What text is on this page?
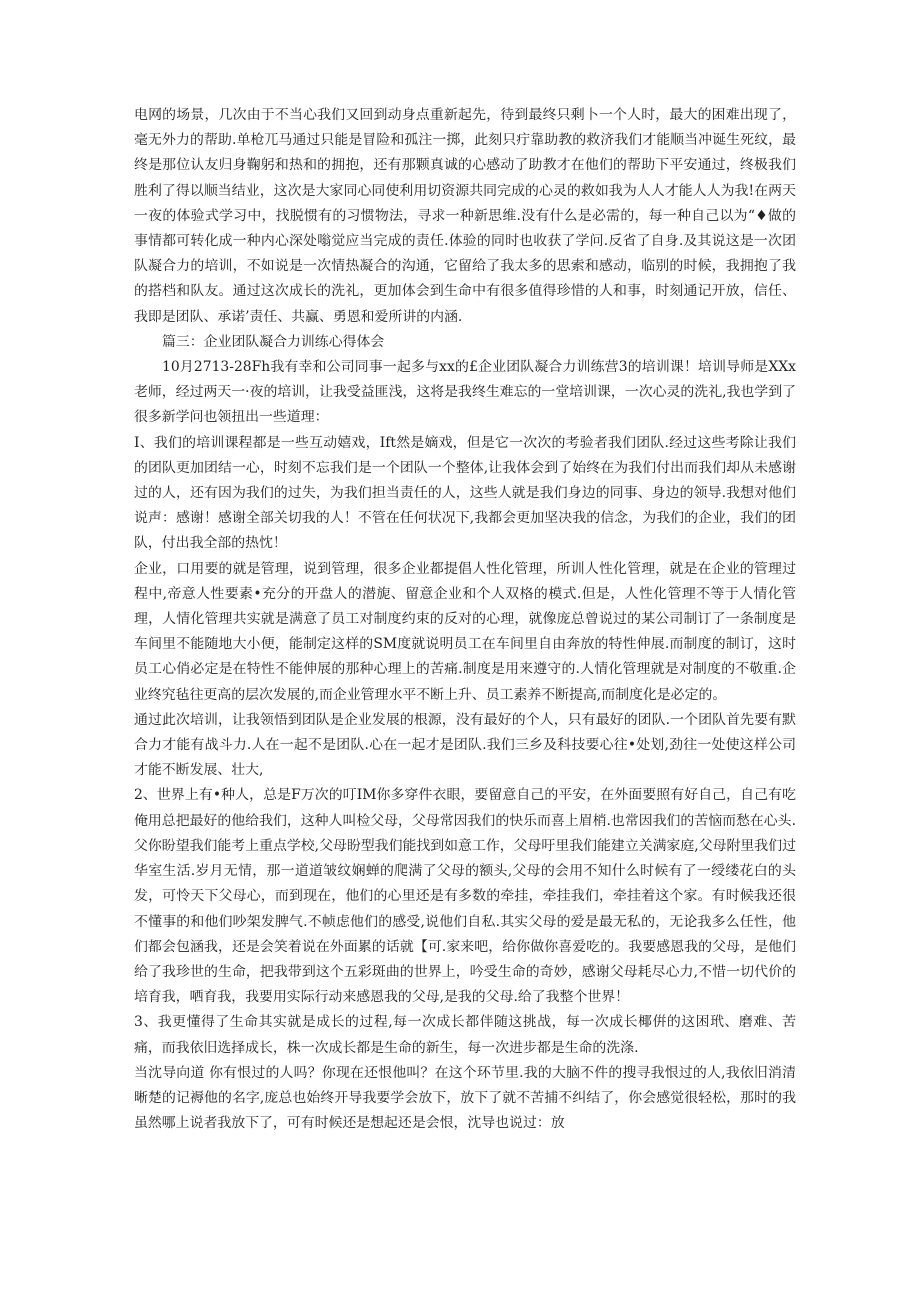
电网的场景，几次由于不当心我们又回到动身点重新起先，待到最终只剩卜一个人时，最大的困难出现了，毫无外力的帮助.单枪兀马通过只能是冒险和孤注一掷，此刻只疔靠助教的救济我们才能顺当冲诞生死纹，最终是那位认友归身鞠躬和热和的拥抱，还有那颗真诚的心感动了助教才在他们的帮助下平安通过，终极我们胜利了得以顺当结业，这次是大家同心同使利用切资源共同完成的心灵的救如我为人人才能人人为我!在两天一夜的体验式学习中，找脱惯有的习惯物法，寻求一种新思维.没有什么是必需的，每一种自己以为“♦做的事情都可转化成一种内心深处嗡觉应当完成的责任.体验的同时也收获了学问.反省了自身.及其说这是一次团队凝合力的培训，不如说是一次情热凝合的沟通，它留给了我太多的思索和感动，临别的时候，我拥抱了我的搭档和队友。通过这次成长的洗礼，更加体会到生命中有很多值得珍惜的人和事，时刻通记开放，信任、我即是团队、承诺’责任、共赢、勇恩和爱所讲的内涵.

篇三：企业团队凝合力训练心得体会

10月2713-28Fh我有幸和公司同事一起多与xx的£企业团队凝合力训练营3的培训课！培训导师是XXx老师，经过两天一·夜的培训，让我受益匪浅，这将是我终生难忘的一堂培训课，一次心灵的洗礼,我也学到了很多新学问也领扭出一些道理：

I、我们的培训课程都是一些互动嬉戏，Ift然是嫡戏，但是它一次次的考验者我们团队.经过这些考除让我们的团队更加团结一心，时刻不忘我们是一个团队一个整体,让我体会到了始终在为我们付出而我们却从未感谢过的人，还有因为我们的过失，为我们担当责任的人，这些人就是我们身边的同事、身边的领导.我想对他们说声：感谢！感谢全部关切我的人！不管在任何状况下,我都会更加坚决我的信念，为我们的企业，我们的团队，付出我全部的热忱！

企业，口用要的就是管理，说到管理，很多企业都提倡人性化管理，所训人性化管理，就是在企业的管理过程中,帝意人性要素•充分的开盘人的潜旎、留意企业和个人双格的模式.但是，人性化管理不等于人情化管理，人情化管理共实就是满意了员工对制度约束的反对的心理，就像庞总曾说过的某公司制订了一条制度是车间里不能随地大小便，能制定这样的SM度就说明员工在车间里自由奔放的特性伸展.而制度的制订，这时员工心俏必定是在特性不能伸展的那种心理上的苦痛.制度是用来遵守的.人情化管理就是对制度的不敬重.企业终究毡往更高的层次发展的,而企业管理水平不断上升、员工素养不断提高,而制度化是必定的。

通过此次培训，让我领悟到团队是企业发展的根源，没有最好的个人，只有最好的团队.一个团队首先要有默合力才能有战斗力.人在一起不是团队.心在一起才是团队.我们三乡及科技要心往•处划,劲往一处使这样公司才能不断发展、壮大,

2、世界上有•种人，总是F万次的叮IM你多穿件衣眼，要留意自己的平安，在外面要照有好自己，自己有吃俺用总把最好的他给我们，这种人叫检父母，父母常因我们的快乐而喜上眉梢.也常因我们的苦恼而愁在心头.父你盼望我们能考上重点学校,父母盼型我们能找到如意工作，父母吁里我们能建立关满家庭,父母附里我们过华室生活.岁月无情，那一道道皱纹娴蝉的爬满了父母的额头,父母的会用不知什么时候有了一绶缕花白的头发，可怜天下父母心，而到现在，他们的心里还是有多数的牵挂，牵挂我们，牵挂着这个家。有时候我还很不懂事的和他们吵架发脾气.不帧虑他们的感受,说他们自私.其实父母的爱是最无私的，无论我多么任性，他们都会包涵我，还是会笑着说在外面累的话就【可.家来吧，给你做你喜爱吃的。我要感恩我的父母，是他们给了我珍世的生命，把我带到这个五彩斑曲的世界上，吟受生命的奇妙，感谢父母耗尽心力,不惜一切代价的培育我，哂育我，我要用实际行动来感恩我的父母,是我的父母.给了我整个世界！

3、我更懂得了生命其实就是成长的过程,每一次成长都伴随这挑战，每一次成长椰倂的这困玳、磨难、苦痛，而我依旧选择成长，株一次成长都是生命的新生，每一次进步都是生命的洗涤.

当沈导向道 你有恨过的人吗？你现在还恨他叫？在这个环节里.我的大脑不件的搜寻我恨过的人,我依旧消清晰楚的记褥他的名字,庞总也始终开导我要学会放下，放下了就不苦捕不纠结了，你会感觉很轻松，那时的我虽然哪上说者我放下了，可有时候还是想起还是会恨，沈导也说过：放
